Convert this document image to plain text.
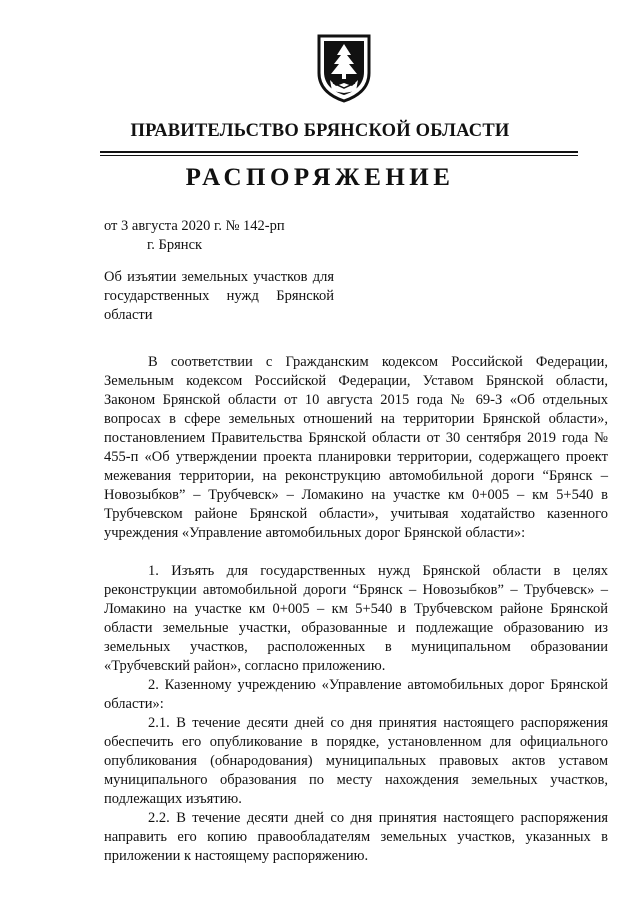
ПРАВИТЕЛЬСТВО БРЯНСКОЙ ОБЛАСТИ
РАСПОРЯЖЕНИЕ
от 3 августа 2020 г. № 142-рп
г. Брянск
Об изъятии земельных участков для государственных нужд Брянской области

В соответствии с Гражданским кодексом Российской Федерации, Земельным кодексом Российской Федерации, Уставом Брянской области, Законом Брянской области от 10 августа 2015 года № 69-З «Об отдельных вопросах в сфере земельных отношений на территории Брянской области», постановлением Правительства Брянской области от 30 сентября 2019 года № 455-п «Об утверждении проекта планировки территории, содержащего проект межевания территории, на реконструкцию автомобильной дороги “Брянск – Новозыбков” – Трубчевск» – Ломакино на участке км 0+005 – км 5+540 в Трубчевском районе Брянской области», учитывая ходатайство казенного учреждения «Управление автомобильных дорог Брянской области»:

1. Изъять для государственных нужд Брянской области в целях реконструкции автомобильной дороги “Брянск – Новозыбков” – Трубчевск» – Ломакино на участке км 0+005 – км 5+540 в Трубчевском районе Брянской области земельные участки, образованные и подлежащие образованию из земельных участков, расположенных в муниципальном образовании «Трубчевский район», согласно приложению.

2. Казенному учреждению «Управление автомобильных дорог Брянской области»:

2.1. В течение десяти дней со дня принятия настоящего распоряжения обеспечить его опубликование в порядке, установленном для официального опубликования (обнародования) муниципальных правовых актов уставом муниципального образования по месту нахождения земельных участков, подлежащих изъятию.

2.2. В течение десяти дней со дня принятия настоящего распоряжения направить его копию правообладателям земельных участков, указанных в приложении к настоящему распоряжению.
